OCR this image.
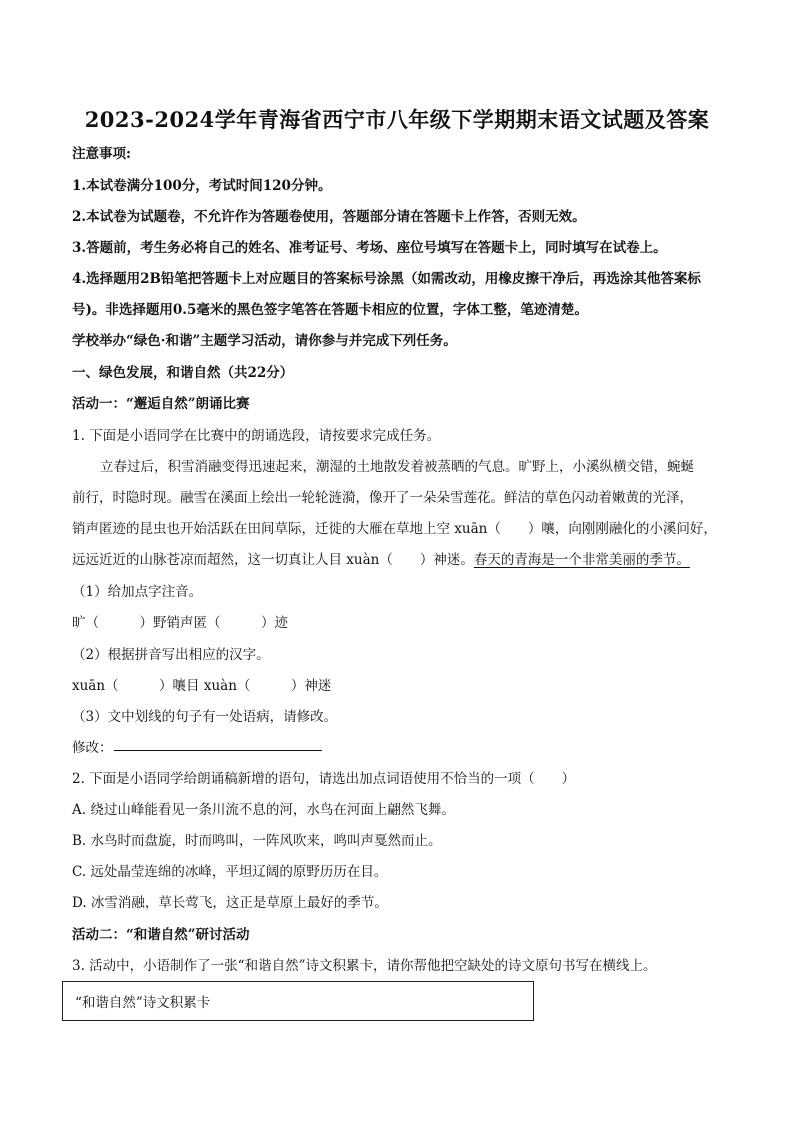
2023-2024学年青海省西宁市八年级下学期期末语文试题及答案
注意事项:
1.本试卷满分100分，考试时间120分钟。
2.本试卷为试题卷，不允许作为答题卷使用，答题部分请在答题卡上作答，否则无效。
3.答题前，考生务必将自己的姓名、准考证号、考场、座位号填写在答题卡上，同时填写在试卷上。
4.选择题用2B铅笔把答题卡上对应题目的答案标号涂黑（如需改动，用橡皮擦干净后，再选涂其他答案标
号)。非选择题用0.5毫米的黑色签字笔答在答题卡相应的位置，字体工整，笔迹清楚。
学校举办“绿色·和谐”主题学习活动，请你参与并完成下列任务。
一、绿色发展，和谐自然（共22分）
活动一：“邂逅自然”朗诵比赛
1. 下面是小语同学在比赛中的朗诵选段，请按要求完成任务。
立春过后，积雪消融变得迅速起来，潮湿的土地散发着被蒸晒的气息。旷野上，小溪纵横交错，蜿蜒
前行，时隐时现。融雪在溪面上绘出一轮轮涟漪，像开了一朵朵雪莲花。鲜洁的草色闪动着嫩黄的光泽，
销声匿迹的昆虫也开始活跃在田间草际，迁徙的大雁在草地上空 xuān（　　）嚷，向刚刚融化的小溪问好，
远远近近的山脉苍凉而超然，这一切真让人目 xuàn（　　）神迷。春天的青海是一个非常美丽的季节。
（1）给加点字注音。
旷（　　　）野销声匿（　　　）迹
（2）根据拼音写出相应的汉字。
xuān（　　　）嚷目 xuàn（　　　）神迷
（3）文中划线的句子有一处语病，请修改。
修改：
2. 下面是小语同学给朗诵稿新增的语句，请选出加点词语使用不恰当的一项（　　）
A. 绕过山峰能看见一条川流不息的河，水鸟在河面上翩然飞舞。
B. 水鸟时而盘旋，时而鸣叫，一阵风吹来，鸣叫声戛然而止。
C. 远处晶莹连绵的冰峰，平坦辽阔的原野历历在目。
D. 冰雪消融，草长莺飞，这正是草原上最好的季节。
活动二：“和谐自然”研讨活动
3. 活动中，小语制作了一张“和谐自然”诗文积累卡，请你帮他把空缺处的诗文原句书写在横线上。
“和谐自然”诗文积累卡
